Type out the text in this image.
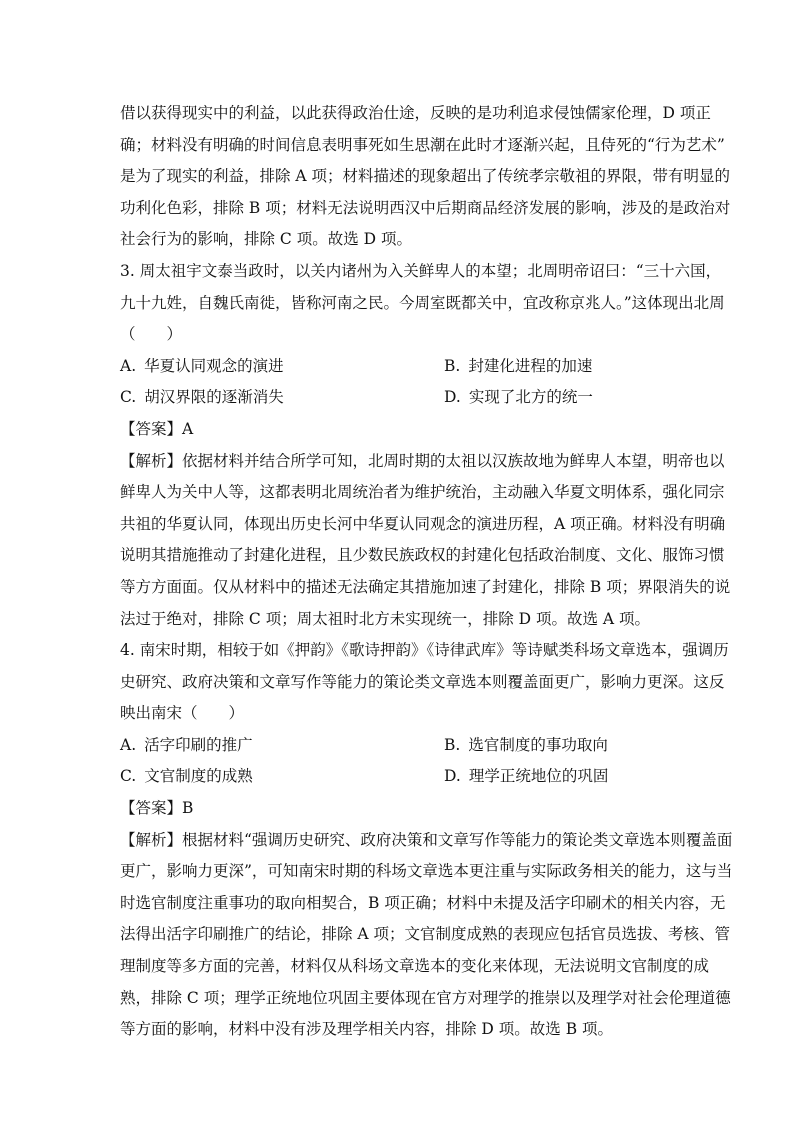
借以获得现实中的利益，以此获得政治仕途，反映的是功利追求侵蚀儒家伦理，D 项正
确；材料没有明确的时间信息表明事死如生思潮在此时才逐渐兴起，且侍死的“行为艺术”
是为了现实的利益，排除 A 项；材料描述的现象超出了传统孝宗敬祖的界限，带有明显的
功利化色彩，排除 B 项；材料无法说明西汉中后期商品经济发展的影响，涉及的是政治对
社会行为的影响，排除 C 项。故选 D 项。
3. 周太祖宇文泰当政时，以关内诸州为入关鲜卑人的本望；北周明帝诏曰：“三十六国，
九十九姓，自魏氏南徙，皆称河南之民。今周室既都关中，宜改称京兆人。”这体现出北周
（　　）
A. 华夏认同观念的演进	B. 封建化进程的加速
C. 胡汉界限的逐渐消失	D. 实现了北方的统一
【答案】A
【解析】依据材料并结合所学可知，北周时期的太祖以汉族故地为鲜卑人本望，明帝也以
鲜卑人为关中人等，这都表明北周统治者为维护统治，主动融入华夏文明体系，强化同宗
共祖的华夏认同，体现出历史长河中华夏认同观念的演进历程，A 项正确。材料没有明确
说明其措施推动了封建化进程，且少数民族政权的封建化包括政治制度、文化、服饰习惯
等方方面面。仅从材料中的描述无法确定其措施加速了封建化，排除 B 项；界限消失的说
法过于绝对，排除 C 项；周太祖时北方未实现统一，排除 D 项。故选 A 项。
4. 南宋时期，相较于如《押韵》《歌诗押韵》《诗律武库》等诗赋类科场文章选本，强调历
史研究、政府决策和文章写作等能力的策论类文章选本则覆盖面更广，影响力更深。这反
映出南宋（　　）
A. 活字印刷的推广	B. 选官制度的事功取向
C. 文官制度的成熟	D. 理学正统地位的巩固
【答案】B
【解析】根据材料“强调历史研究、政府决策和文章写作等能力的策论类文章选本则覆盖面
更广，影响力更深”，可知南宋时期的科场文章选本更注重与实际政务相关的能力，这与当
时选官制度注重事功的取向相契合，B 项正确；材料中未提及活字印刷术的相关内容，无
法得出活字印刷推广的结论，排除 A 项；文官制度成熟的表现应包括官员选拔、考核、管
理制度等多方面的完善，材料仅从科场文章选本的变化来体现，无法说明文官制度的成
熟，排除 C 项；理学正统地位巩固主要体现在官方对理学的推崇以及理学对社会伦理道德
等方面的影响，材料中没有涉及理学相关内容，排除 D 项。故选 B 项。
